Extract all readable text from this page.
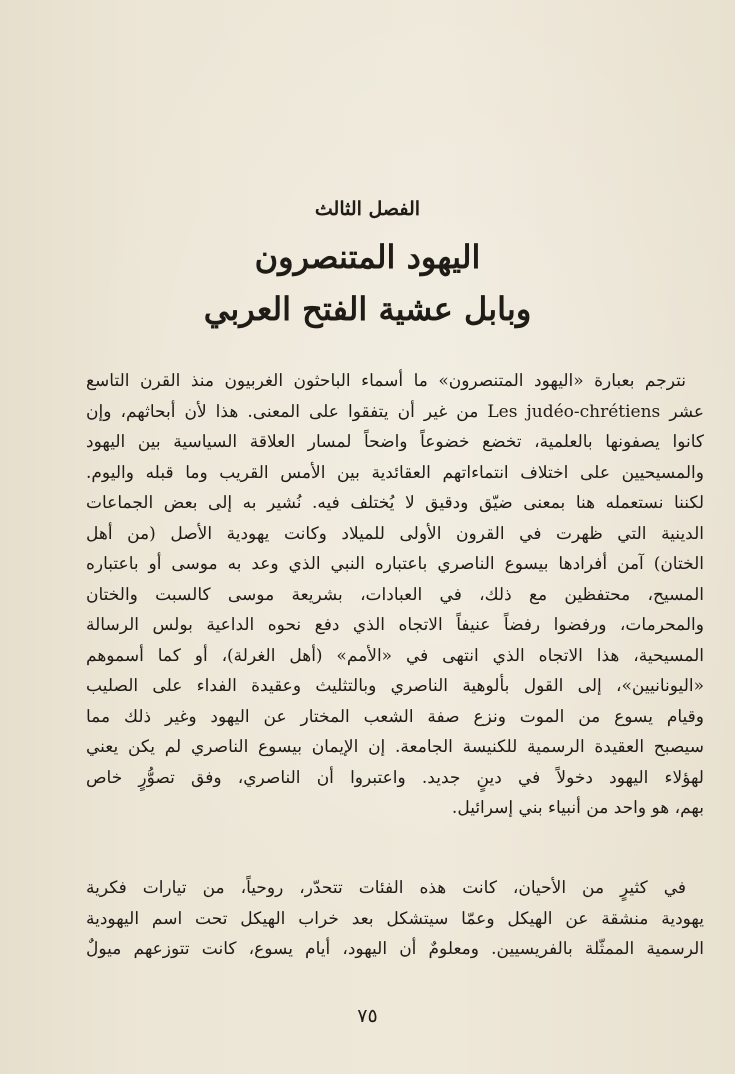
الفصل الثالث
اليهود المتنصرون
وبابل عشية الفتح العربي
نترجم بعبارة «اليهود المتنصرون» ما أسماء الباحثون الغربيون منذ القرن التاسع
عشر Les judéo-chrétiens من غير أن يتفقوا على المعنى. هذا لأن أبحاثهم، وإن
كانوا يصفونها بالعلمية، تخضع خضوعاً واضحاً لمسار العلاقة السياسية بين اليهود
والمسيحيين على اختلاف انتماءاتهم العقائدية بين الأمس القريب وما قبله واليوم.
لكننا نستعمله هنا بمعنى ضيّق ودقيق لا يُختلف فيه. نُشير به إلى بعض الجماعات
الدينية التي ظهرت في القرون الأولى للميلاد وكانت يهودية الأصل (من أهل
الختان) آمن أفرادها بيسوع الناصري باعتباره النبي الذي وعد به موسى أو باعتباره
المسيح، محتفظين مع ذلك، في العبادات، بشريعة موسى كالسبت والختان
والمحرمات، ورفضوا رفضاً عنيفاً الاتجاه الذي دفع نحوه الداعية بولس الرسالة
المسيحية، هذا الاتجاه الذي انتهى في «الأمم» (أهل الغرلة)، أو كما أسموهم
«اليونانيين»، إلى القول بألوهية الناصري وبالتثليث وعقيدة الفداء على الصليب
وقيام يسوع من الموت ونزع صفة الشعب المختار عن اليهود وغير ذلك مما
سيصبح العقيدة الرسمية للكنيسة الجامعة. إن الإيمان بيسوع الناصري لم يكن يعني
لهؤلاء اليهود دخولاً في دينٍ جديد. واعتبروا أن الناصري، وفق تصوُّرٍ خاص
بهم، هو واحد من أنبياء بني إسرائيل.
في كثيرٍ من الأحيان، كانت هذه الفئات تتحدّر، روحياً، من تيارات فكرية
يهودية منشقة عن الهيكل وعمّا سيتشكل بعد خراب الهيكل تحت اسم اليهودية
الرسمية الممثّلة بالفريسيين. ومعلومٌ أن اليهود، أيام يسوع، كانت تتوزعهم ميولٌ
٧٥
